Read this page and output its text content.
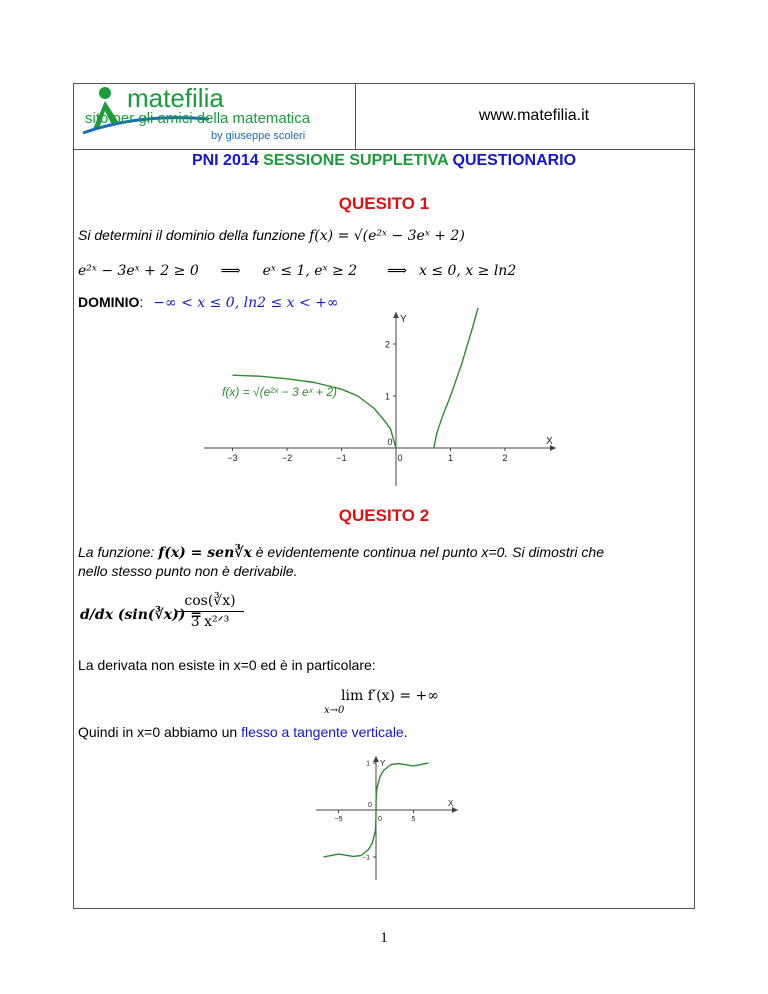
matefilia
sito per gli amici della matematica
by giuseppe scoleri
www.matefilia.it
PNI 2014 SESSIONE SUPPLETIVA QUESTIONARIO
QUESITO 1
Si determini il dominio della funzione f(x) = √(e²ˣ − 3eˣ + 2)
e²ˣ − 3eˣ + 2 ≥ 0 ⟹ eˣ ≤ 1, eˣ ≥ 2 ⟹ x ≤ 0, x ≥ ln2
DOMINIO: −∞ < x ≤ 0, ln2 ≤ x < +∞
f(x) = √(e²ˣ − 3 eˣ + 2)
−3	−2	−1	0	1	2
0
1
2
X
Y
QUESITO 2
La funzione: f(x) = sen∛x è evidentemente continua nel punto x=0. Si dimostri che
nello stesso punto non è derivabile.
d/dx (sin(∛x)) =
cos(∛x)
3 x²ᐟ³
La derivata non esiste in x=0 ed è in particolare:
lim f′(x) = +∞
x→0
Quindi in x=0 abbiamo un flesso a tangente verticale.
−5	0	5
−1
0
1
X
Y
1
